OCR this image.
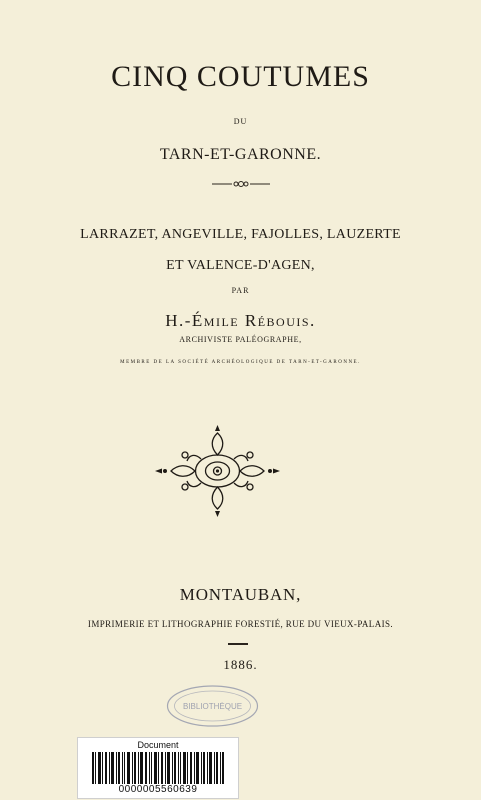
CINQ COUTUMES
DU
TARN-ET-GARONNE.
LARRAZET, ANGEVILLE, FAJOLLES, LAUZERTE
ET VALENCE-D'AGEN,
PAR
H.-Émile Rébouis.
ARCHIVISTE PALÉOGRAPHE,
MEMBRE DE LA SOCIÉTÉ ARCHÉOLOGIQUE DE TARN-ET-GARONNE.
MONTAUBAN,
IMPRIMERIE ET LITHOGRAPHIE FORESTIÉ, RUE DU VIEUX-PALAIS.
1886.
BIBLIOTHÈQUE
Document
0000005560639
